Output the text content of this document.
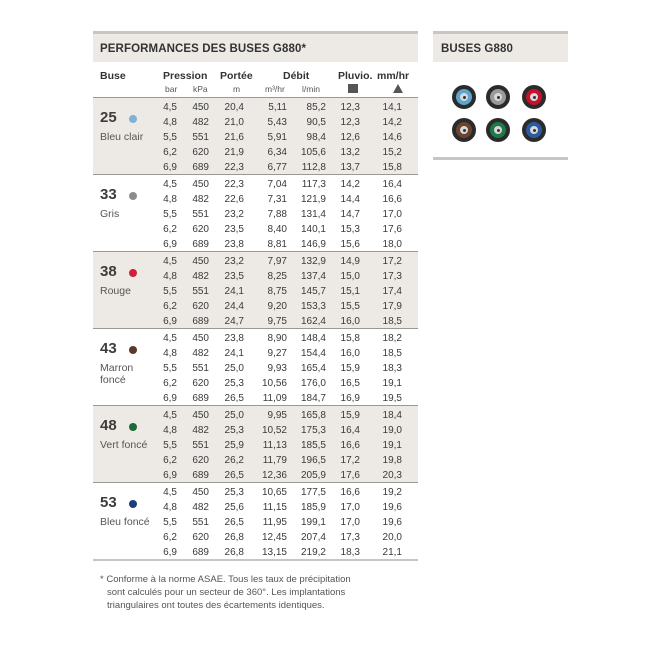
PERFORMANCES DES BUSES G880*
Buse	Pression Portée	Débit	Pluvio. mm/hr
bar kPa	m	m³/hr l/min
25
Bleu clair
4,5	450	20,4	5,11	85,2	12,3	14,1
4,8	482	21,0	5,43	90,5	12,3	14,2
5,5	551	21,6	5,91	98,4	12,6	14,6
6,2	620	21,9	6,34	105,6	13,2	15,2
6,9	689	22,3	6,77	112,8	13,7	15,8
33
Gris
4,5	450	22,3	7,04	117,3	14,2	16,4
4,8	482	22,6	7,31	121,9	14,4	16,6
5,5	551	23,2	7,88	131,4	14,7	17,0
6,2	620	23,5	8,40	140,1	15,3	17,6
6,9	689	23,8	8,81	146,9	15,6	18,0
38
Rouge
4,5	450	23,2	7,97	132,9	14,9	17,2
4,8	482	23,5	8,25	137,4	15,0	17,3
5,5	551	24,1	8,75	145,7	15,1	17,4
6,2	620	24,4	9,20	153,3	15,5	17,9
6,9	689	24,7	9,75	162,4	16,0	18,5
43
Marron foncé
4,5	450	23,8	8,90	148,4	15,8	18,2
4,8	482	24,1	9,27	154,4	16,0	18,5
5,5	551	25,0	9,93	165,4	15,9	18,3
6,2	620	25,3	10,56	176,0	16,5	19,1
6,9	689	26,5	11,09	184,7	16,9	19,5
48
Vert foncé
4,5	450	25,0	9,95	165,8	15,9	18,4
4,8	482	25,3	10,52	175,3	16,4	19,0
5,5	551	25,9	11,13	185,5	16,6	19,1
6,2	620	26,2	11,79	196,5	17,2	19,8
6,9	689	26,5	12,36	205,9	17,6	20,3
53
Bleu foncé
4,5	450	25,3	10,65	177,5	16,6	19,2
4,8	482	25,6	11,15	185,9	17,0	19,6
5,5	551	26,5	11,95	199,1	17,0	19,6
6,2	620	26,8	12,45	207,4	17,3	20,0
6,9	689	26,8	13,15	219,2	18,3	21,1
* Conforme à la norme ASAE. Tous les taux de précipitation
sont calculés pour un secteur de 360°. Les implantations
triangulaires ont toutes des écartements identiques.
BUSES G880
